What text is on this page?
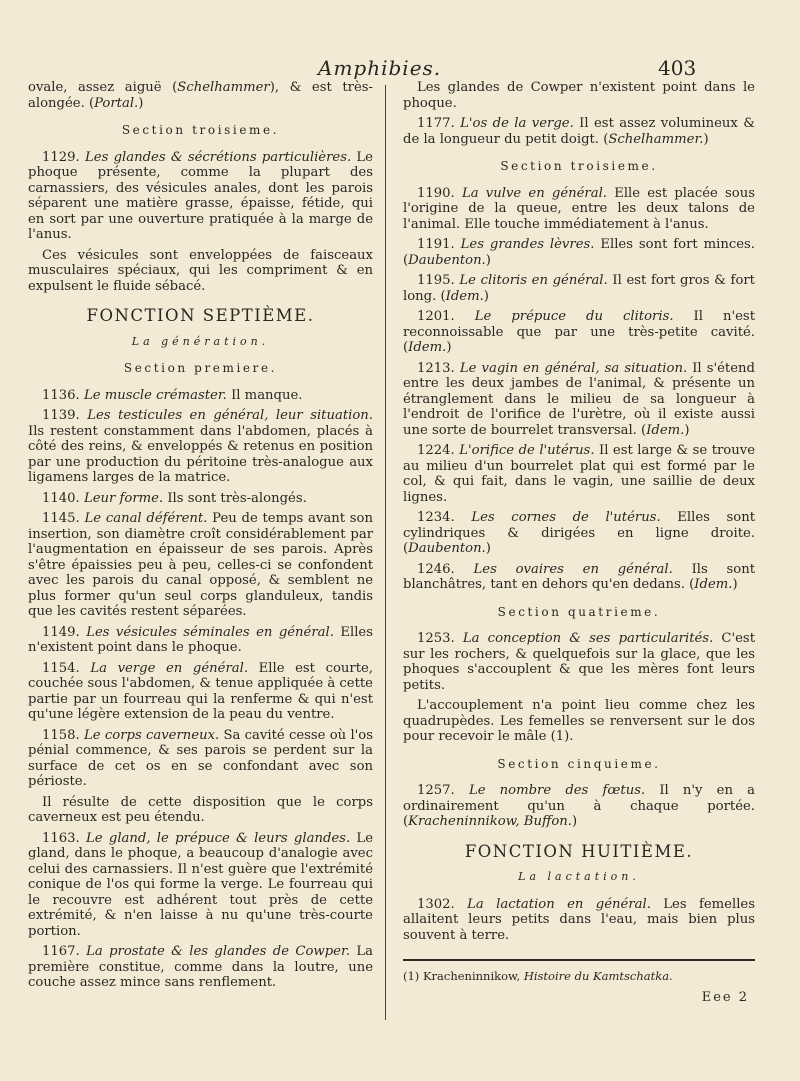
Amphibies.	403

ovale, assez aiguë (Schelhammer), & est très-alongée. (Portal.)

Section troisieme.

1129. Les glandes & sécrétions particulières. Le phoque présente, comme la plupart des carnassiers, des vésicules anales, dont les parois séparent une matière grasse, épaisse, fétide, qui en sort par une ouverture pratiquée à la marge de l'anus.

Ces vésicules sont enveloppées de faisceaux musculaires spéciaux, qui les compriment & en expulsent le fluide sébacé.

FONCTION SEPTIÈME.
La génération.
Section premiere.

1136. Le muscle crémaster. Il manque.

1139. Les testicules en général, leur situation. Ils restent constamment dans l'abdomen, placés à côté des reins, & enveloppés & retenus en position par une production du péritoine très-analogue aux ligamens larges de la matrice.

1140. Leur forme. Ils sont très-alongés.

1145. Le canal déférent. Peu de temps avant son insertion, son diamètre croît considérablement par l'augmentation en épaisseur de ses parois. Après s'être épaissies peu à peu, celles-ci se confondent avec les parois du canal opposé, & semblent ne plus former qu'un seul corps glanduleux, tandis que les cavités restent séparées.

1149. Les vésicules séminales en général. Elles n'existent point dans le phoque.

1154. La verge en général. Elle est courte, couchée sous l'abdomen, & tenue appliquée à cette partie par un fourreau qui la renferme & qui n'est qu'une légère extension de la peau du ventre.

1158. Le corps caverneux. Sa cavité cesse où l'os pénial commence, & ses parois se perdent sur la surface de cet os en se confondant avec son périoste.

Il résulte de cette disposition que le corps caverneux est peu étendu.

1163. Le gland, le prépuce & leurs glandes. Le gland, dans le phoque, a beaucoup d'analogie avec celui des carnassiers. Il n'est guère que l'extrémité conique de l'os qui forme la verge. Le fourreau qui le recouvre est adhérent tout près de cette extrémité, & n'en laisse à nu qu'une très-courte portion.

1167. La prostate & les glandes de Cowper. La première constitue, comme dans la loutre, une couche assez mince sans renflement.

Les glandes de Cowper n'existent point dans le phoque.

1177. L'os de la verge. Il est assez volumineux & de la longueur du petit doigt. (Schelhammer.)

Section troisieme.

1190. La vulve en général. Elle est placée sous l'origine de la queue, entre les deux talons de l'animal. Elle touche immédiatement à l'anus.

1191. Les grandes lèvres. Elles sont fort minces. (Daubenton.)

1195. Le clitoris en général. Il est fort gros & fort long. (Idem.)

1201. Le prépuce du clitoris. Il n'est reconnoissable que par une très-petite cavité. (Idem.)

1213. Le vagin en général, sa situation. Il s'étend entre les deux jambes de l'animal, & présente un étranglement dans le milieu de sa longueur à l'endroit de l'orifice de l'urètre, où il existe aussi une sorte de bourrelet transversal. (Idem.)

1224. L'orifice de l'utérus. Il est large & se trouve au milieu d'un bourrelet plat qui est formé par le col, & qui fait, dans le vagin, une saillie de deux lignes.

1234. Les cornes de l'utérus. Elles sont cylindriques & dirigées en ligne droite. (Daubenton.)

1246. Les ovaires en général. Ils sont blanchâtres, tant en dehors qu'en dedans. (Idem.)

Section quatrieme.

1253. La conception & ses particularités. C'est sur les rochers, & quelquefois sur la glace, que les phoques s'accouplent & que les mères font leurs petits.

L'accouplement n'a point lieu comme chez les quadrupèdes. Les femelles se renversent sur le dos pour recevoir le mâle (1).

Section cinquieme.

1257. Le nombre des fœtus. Il n'y en a ordinairement qu'un à chaque portée. (Kracheninnikow, Buffon.)

FONCTION HUITIÈME.
La lactation.

1302. La lactation en général. Les femelles allaitent leurs petits dans l'eau, mais bien plus souvent à terre.

(1) Kracheninnikow, Histoire du Kamtschatka.

Eee 2
